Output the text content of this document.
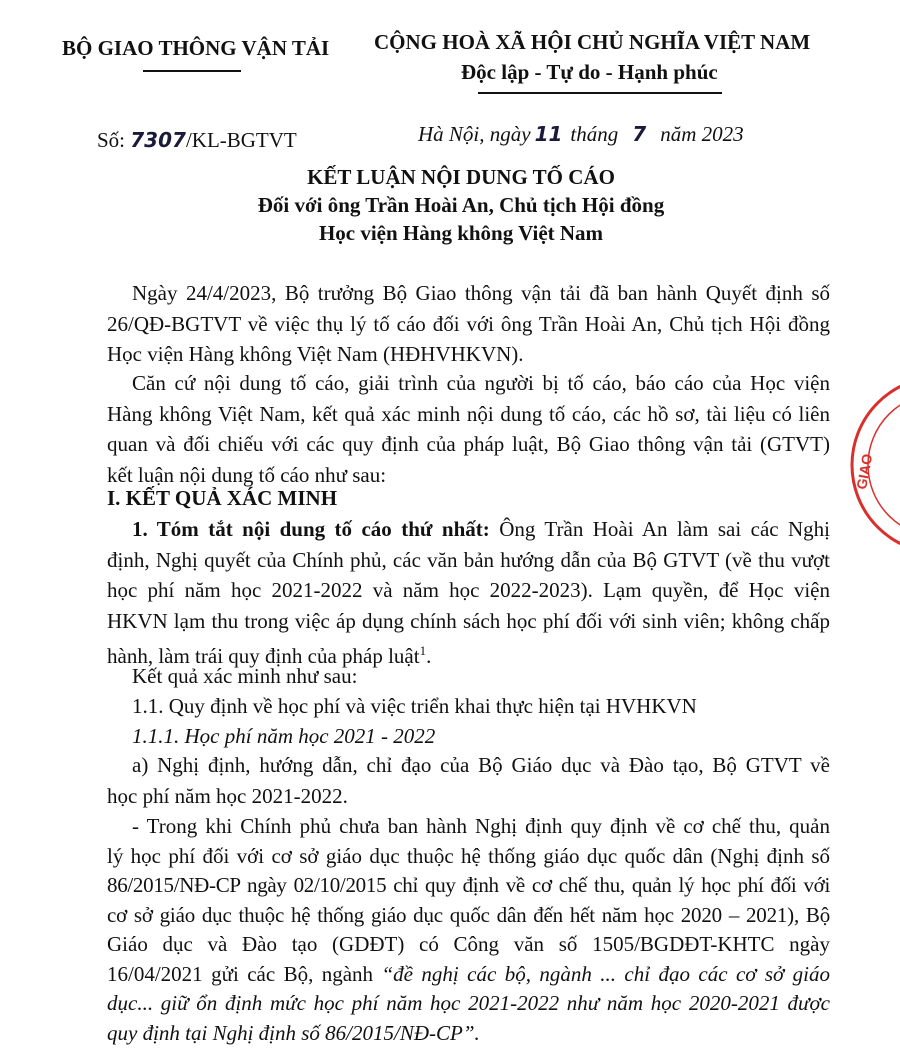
BỘ GIAO THÔNG VẬN TẢI CỘNG HOÀ XÃ HỘI CHỦ NGHĨA VIỆT NAM
Độc lập - Tự do - Hạnh phúc
Số: 7307/KL-BGTVT	Hà Nội, ngày 11 tháng 7 năm 2023
KẾT LUẬN NỘI DUNG TỐ CÁO
Đối với ông Trần Hoài An, Chủ tịch Hội đồng
Học viện Hàng không Việt Nam
Ngày 24/4/2023, Bộ trưởng Bộ Giao thông vận tải đã ban hành Quyết định số
26/QĐ-BGTVT về việc thụ lý tố cáo đối với ông Trần Hoài An, Chủ tịch Hội đồng
Học viện Hàng không Việt Nam (HĐHVHKVN).
Căn cứ nội dung tố cáo, giải trình của người bị tố cáo, báo cáo của Học viện
Hàng không Việt Nam, kết quả xác minh nội dung tố cáo, các hồ sơ, tài liệu có liên
quan và đối chiếu với các quy định của pháp luật, Bộ Giao thông vận tải (GTVT)
kết luận nội dung tố cáo như sau:
I. KẾT QUẢ XÁC MINH
1. Tóm tắt nội dung tố cáo thứ nhất: Ông Trần Hoài An làm sai các Nghị
định, Nghị quyết của Chính phủ, các văn bản hướng dẫn của Bộ GTVT (về thu vượt
học phí năm học 2021-2022 và năm học 2022-2023). Lạm quyền, để Học viện
HKVN lạm thu trong việc áp dụng chính sách học phí đối với sinh viên; không chấp
hành, làm trái quy định của pháp luật$^1$.
Kết quả xác minh như sau:
1.1. Quy định về học phí và việc triển khai thực hiện tại HVHKVN
1.1.1. Học phí năm học 2021 - 2022
a) Nghị định, hướng dẫn, chỉ đạo của Bộ Giáo dục và Đào tạo, Bộ GTVT về
học phí năm học 2021-2022.
- Trong khi Chính phủ chưa ban hành Nghị định quy định về cơ chế thu, quản
lý học phí đối với cơ sở giáo dục thuộc hệ thống giáo dục quốc dân (Nghị định số
86/2015/NĐ-CP ngày 02/10/2015 chỉ quy định về cơ chế thu, quản lý học phí đối với
cơ sở giáo dục thuộc hệ thống giáo dục quốc dân đến hết năm học 2020 – 2021), Bộ
Giáo dục và Đào tạo (GDĐT) có Công văn số 1505/BGDĐT-KHTC ngày
16/04/2021 gửi các Bộ, ngành “đề nghị các bộ, ngành ... chỉ đạo các cơ sở giáo
dục... giữ ổn định mức học phí năm học 2021-2022 như năm học 2020-2021 được
quy định tại Nghị định số 86/2015/NĐ-CP”.
GIAO
